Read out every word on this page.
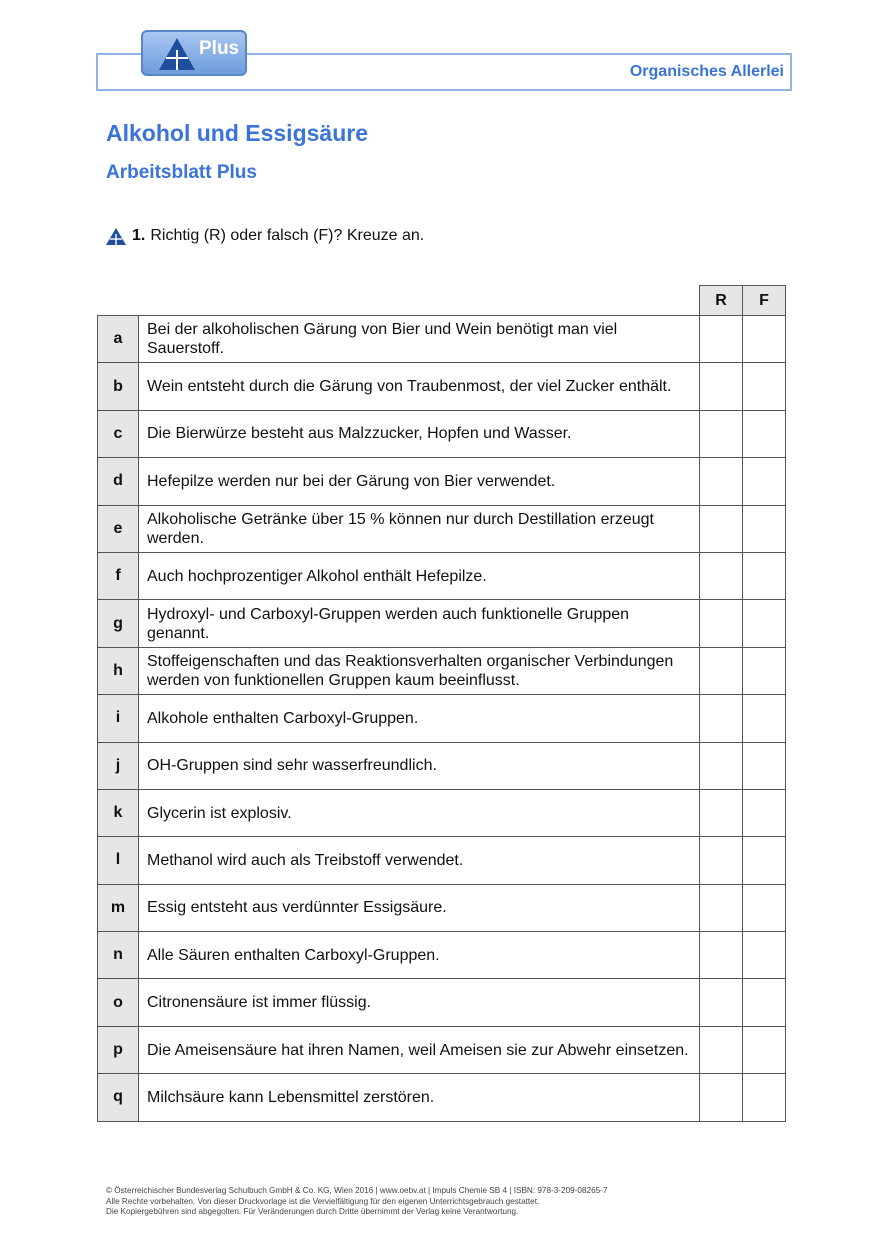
Plus
Organisches Allerlei
Alkohol und Essigsäure
Arbeitsblatt Plus
1. Richtig (R) oder falsch (F)? Kreuze an.
		R	F
a	Bei der alkoholischen Gärung von Bier und Wein benötigt man viel Sauerstoff.		
b	Wein entsteht durch die Gärung von Traubenmost, der viel Zucker enthält.		
c	Die Bierwürze besteht aus Malzzucker, Hopfen und Wasser.		
d	Hefepilze werden nur bei der Gärung von Bier verwendet.		
e	Alkoholische Getränke über 15 % können nur durch Destillation erzeugt werden.		
f	Auch hochprozentiger Alkohol enthält Hefepilze.		
g	Hydroxyl- und Carboxyl-Gruppen werden auch funktionelle Gruppen genannt.		
h	Stoffeigenschaften und das Reaktionsverhalten organischer Verbindungen werden von funktionellen Gruppen kaum beeinflusst.		
i	Alkohole enthalten Carboxyl-Gruppen.		
j	OH-Gruppen sind sehr wasserfreundlich.		
k	Glycerin ist explosiv.		
l	Methanol wird auch als Treibstoff verwendet.		
m	Essig entsteht aus verdünnter Essigsäure.		
n	Alle Säuren enthalten Carboxyl-Gruppen.		
o	Citronensäure ist immer flüssig.		
p	Die Ameisensäure hat ihren Namen, weil Ameisen sie zur Abwehr einsetzen.		
q	Milchsäure kann Lebensmittel zerstören.		
© Österreichischer Bundesverlag Schulbuch GmbH & Co. KG, Wien 2016 | www.oebv.at | Impuls Chemie SB 4 | ISBN: 978-3-209-08265-7
Alle Rechte vorbehalten. Von dieser Druckvorlage ist die Vervielfältigung für den eigenen Unterrichtsgebrauch gestattet.
Die Kopiergebühren sind abgegolten. Für Veränderungen durch Dritte übernimmt der Verlag keine Verantwortung.
